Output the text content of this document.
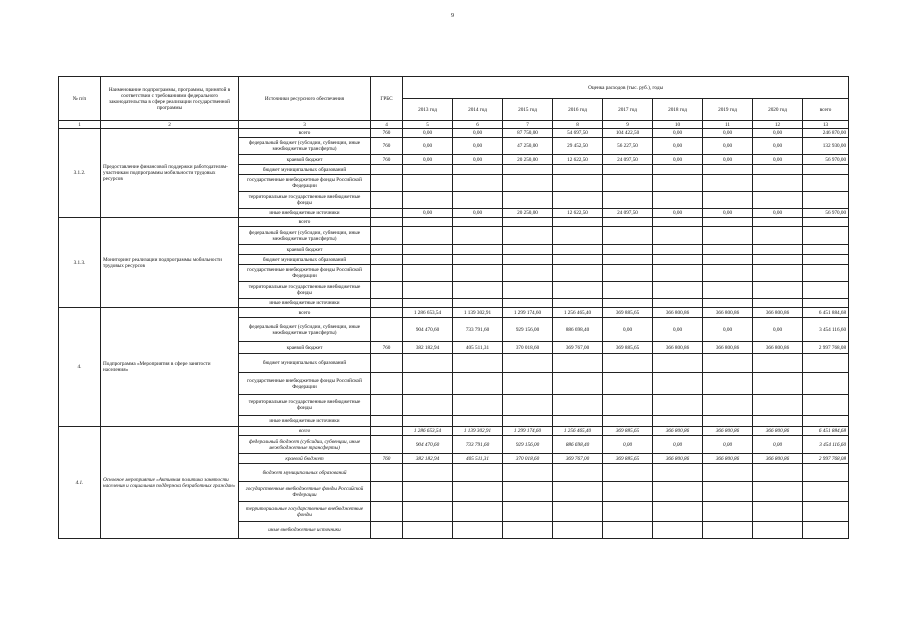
9
№ п/п	Наименование подпрограммы, программы, принятой в соответствии с требованиями федерального законодательства в сфере реализации государственной программы	Источники ресурсного обеспечения	ГРБС	Оценка расходов (тыс. руб.), годы								
				2013 год	2014 год	2015 год	2016 год	2017 год	2018 год	2019 год	2020 год	всего
1	2	3	4	5	6	7	8	9	10	11	12	13
3.1.2.	Предоставление финансовой поддержки работодателям-участникам подпрограммы мобильности трудовых ресурсов	всего	760	0,00	0,00	87 750,00	54 697,50	104 422,50	0,00	0,00	0,00	246 870,00
		федеральный бюджет (субсидии, субвенции, иные межбюджетные трансферты)	760	0,00	0,00	47 250,00	29 452,50	56 227,50	0,00	0,00	0,00	132 930,00
		краевой бюджет	760	0,00	0,00	20 250,00	12 622,50	24 097,50	0,00	0,00	0,00	56 970,00
		бюджет муниципальных образований										
		государственные внебюджетные фонды Российской Федерации										
		территориальные государственные внебюджетные фонды										
		иные внебюджетные источники		0,00	0,00	20 250,00	12 622,50	24 097,50	0,00	0,00	0,00	56 970,00
3.1.3.	Мониторинг реализации подпрограммы мобильности трудовых ресурсов	всего										
		федеральный бюджет (субсидии, субвенции, иные межбюджетные трансферты)										
		краевой бюджет										
		бюджет муниципальных образований										
		государственные внебюджетные фонды Российской Федерации										
		территориальные государственные внебюджетные фонды										
		иные внебюджетные источники										
4.	Подпрограмма «Мероприятия в сфере занятости населения»	всего		1 286 653,54	1 139 302,91	1 299 174,60	1 256 465,40	369 885,65	366 800,86	366 800,86	366 800,86	6 451 884,68
		федеральный бюджет (субсидии, субвенции, иные межбюджетные трансферты)		904 470,60	733 791,60	929 156,00	886 698,40	0,00	0,00	0,00	0,00	3 454 116,60
		краевой бюджет	760	382 182,94	405 511,31	370 018,60	369 767,00	369 885,65	366 800,86	366 800,86	366 800,86	2 997 768,08
		бюджет муниципальных образований										
		государственные внебюджетные фонды Российской Федерации										
		территориальные государственные внебюджетные фонды										
		иные внебюджетные источники										
4.1.	Основное мероприятие «Активная политика занятости населения и социальная поддержка безработных граждан»	всего		1 286 653,54	1 139 302,91	1 299 174,60	1 256 465,40	369 885,65	366 800,86	366 800,86	366 800,86	6 451 884,68
		федеральный бюджет (субсидии, субвенции, иные межбюджетные трансферты)		904 470,60	733 791,60	929 156,00	886 698,40	0,00	0,00	0,00	0,00	3 454 116,60
		краевой бюджет	760	382 182,94	405 511,31	370 018,60	369 767,00	369 885,65	366 800,86	366 800,86	366 800,86	2 997 768,08
		бюджет муниципальных образований										
		государственные внебюджетные фонды Российской Федерации										
		территориальные государственные внебюджетные фонды										
		иные внебюджетные источники										
